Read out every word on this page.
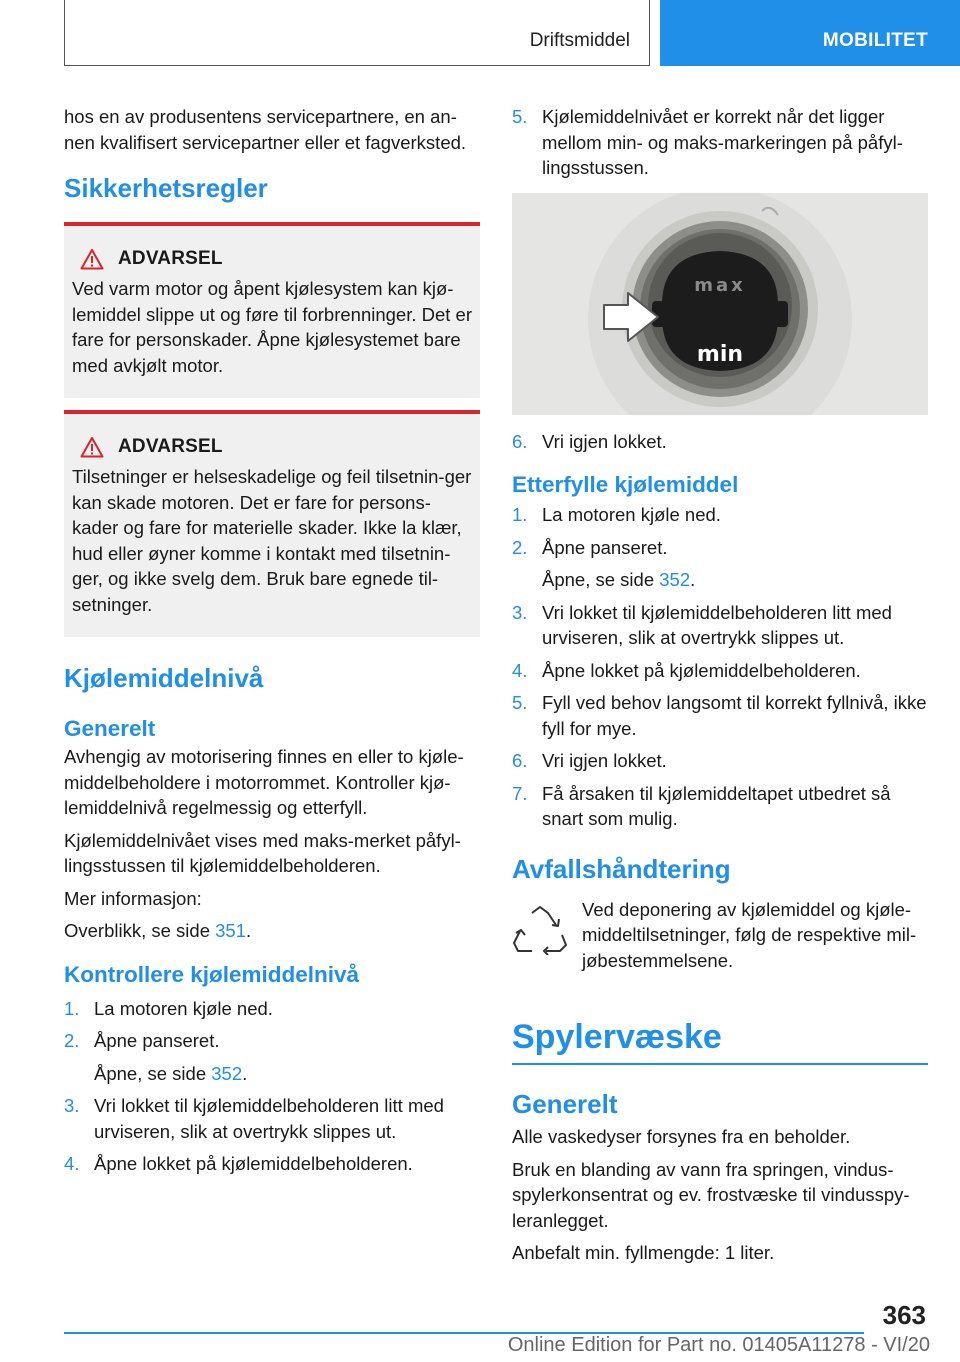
Driftsmiddel	MOBILITET

hos en av produsentens servicepartnere, en an-nen kvalifisert servicepartner eller et fagverksted.

Sikkerhetsregler
ADVARSEL

Ved varm motor og åpent kjølesystem kan kjø-lemiddel slippe ut og føre til forbrenninger. Det er fare for personskader. Åpne kjølesystemet bare med avkjølt motor.

ADVARSEL

Tilsetninger er helseskadelige og feil tilsetnin-ger kan skade motoren. Det er fare for persons-kader og fare for materielle skader. Ikke la klær, hud eller øyner komme i kontakt med tilsetnin-ger, og ikke svelg dem. Bruk bare egnede til-setninger.

Kjølemiddelnivå
Generelt

Avhengig av motorisering finnes en eller to kjøle-middelbeholdere i motorrommet. Kontroller kjø-lemiddelnivå regelmessig og etterfyll.

Kjølemiddelnivået vises med maks-merket påfyl-lingsstussen til kjølemiddelbeholderen.

Mer informasjon:

Overblikk, se side 351.

Kontrollere kjølemiddelnivå
1. La motoren kjøle ned.
2. Åpne panseret.
Åpne, se side 352.
3. Vri lokket til kjølemiddelbeholderen litt med urviseren, slik at overtrykk slippes ut.
4. Åpne lokket på kjølemiddelbeholderen.
5. Kjølemiddelnivået er korrekt når det ligger mellom min- og maks-markeringen på påfyl-lingsstussen.
max
min
6. Vri igjen lokket.
Etterfylle kjølemiddel
1. La motoren kjøle ned.
2. Åpne panseret.
Åpne, se side 352.
3. Vri lokket til kjølemiddelbeholderen litt med urviseren, slik at overtrykk slippes ut.
4. Åpne lokket på kjølemiddelbeholderen.
5. Fyll ved behov langsomt til korrekt fyllnivå, ikke fyll for mye.
6. Vri igjen lokket.
7. Få årsaken til kjølemiddeltapet utbedret så snart som mulig.
Avfallshåndtering

Ved deponering av kjølemiddel og kjøle-middeltilsetninger, følg de respektive mil-jøbestemmelsene.

Spylervæske
Generelt

Alle vaskedyser forsynes fra en beholder.

Bruk en blanding av vann fra springen, vindus-spylerkonsentrat og ev. frostvæske til vindusspy-leranlegget.

Anbefalt min. fyllmengde: 1 liter.

363
Online Edition for Part no. 01405A11278 - VI/20
